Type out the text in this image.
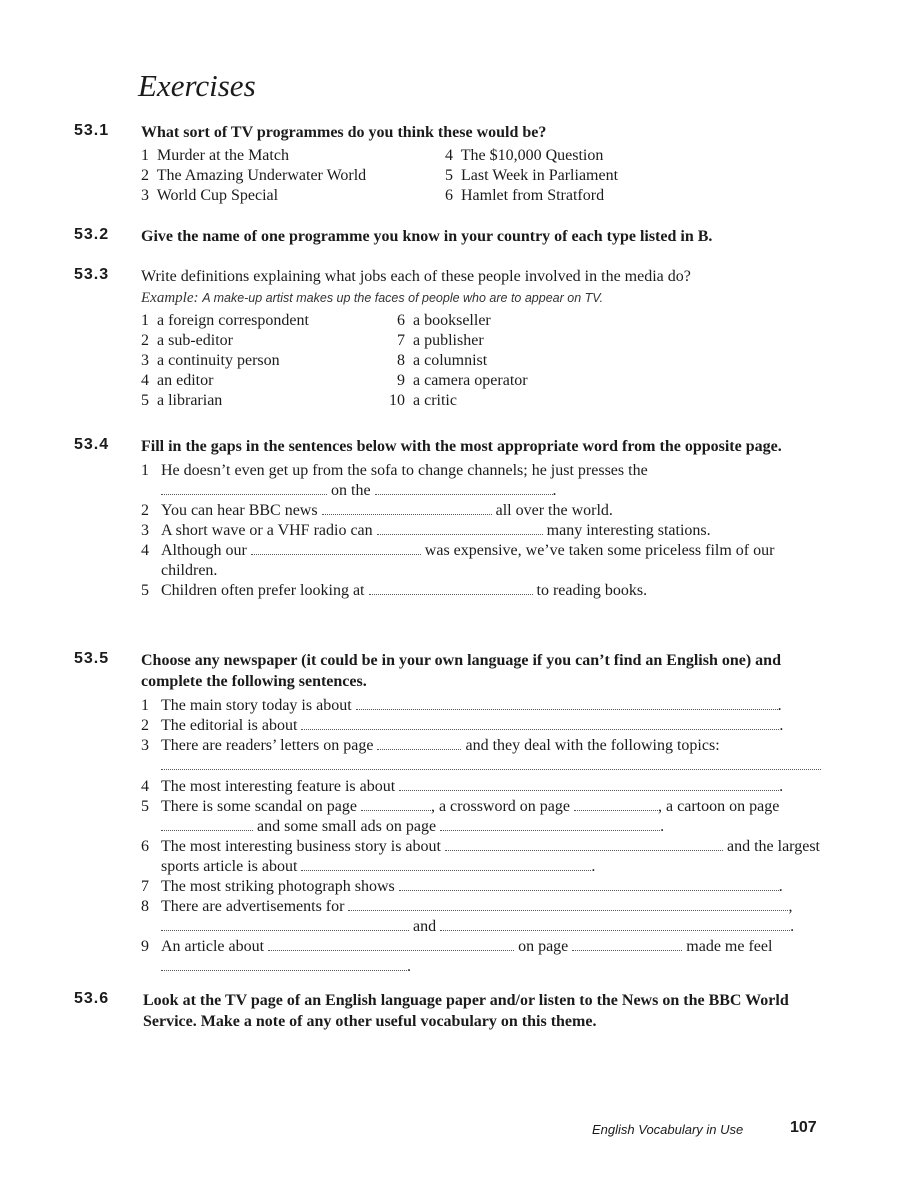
Exercises
53.1 What sort of TV programmes do you think these would be?
1 Murder at the Match	4 The $10,000 Question
2 The Amazing Underwater World	5 Last Week in Parliament
3 World Cup Special	6 Hamlet from Stratford
53.2 Give the name of one programme you know in your country of each type listed in B.
53.3 Write definitions explaining what jobs each of these people involved in the media do?
Example: A make-up artist makes up the faces of people who are to appear on TV.
1 a foreign correspondent	6 a bookseller
2 a sub-editor	7 a publisher
3 a continuity person	8 a columnist
4 an editor	9 a camera operator
5 a librarian	10 a critic
53.4 Fill in the gaps in the sentences below with the most appropriate word from the opposite page.
1 He doesn’t even get up from the sofa to change channels; he just presses the
on the	.
2 You can hear BBC news	all over the world.
3 A short wave or a VHF radio can	many interesting stations.
4 Although our	was expensive, we’ve taken some priceless film of our children.
5 Children often prefer looking at	to reading books.
53.5 Choose any newspaper (it could be in your own language if you can’t find an English one) and complete the following sentences.
1 The main story today is about	.
2 The editorial is about	.
3 There are readers’ letters on page	and they deal with the following topics:
4 The most interesting feature is about	.
5 There is some scandal on page	, a crossword on page	, a cartoon on page  and some small ads on page	.
6 The most interesting business story is about	and the largest sports article is about	.
7 The most striking photograph shows	.
8 There are advertisements for	,  and	.
9 An article about	on page	made me feel .
53.6 Look at the TV page of an English language paper and/or listen to the News on the BBC World Service. Make a note of any other useful vocabulary on this theme.
English Vocabulary in Use	107
